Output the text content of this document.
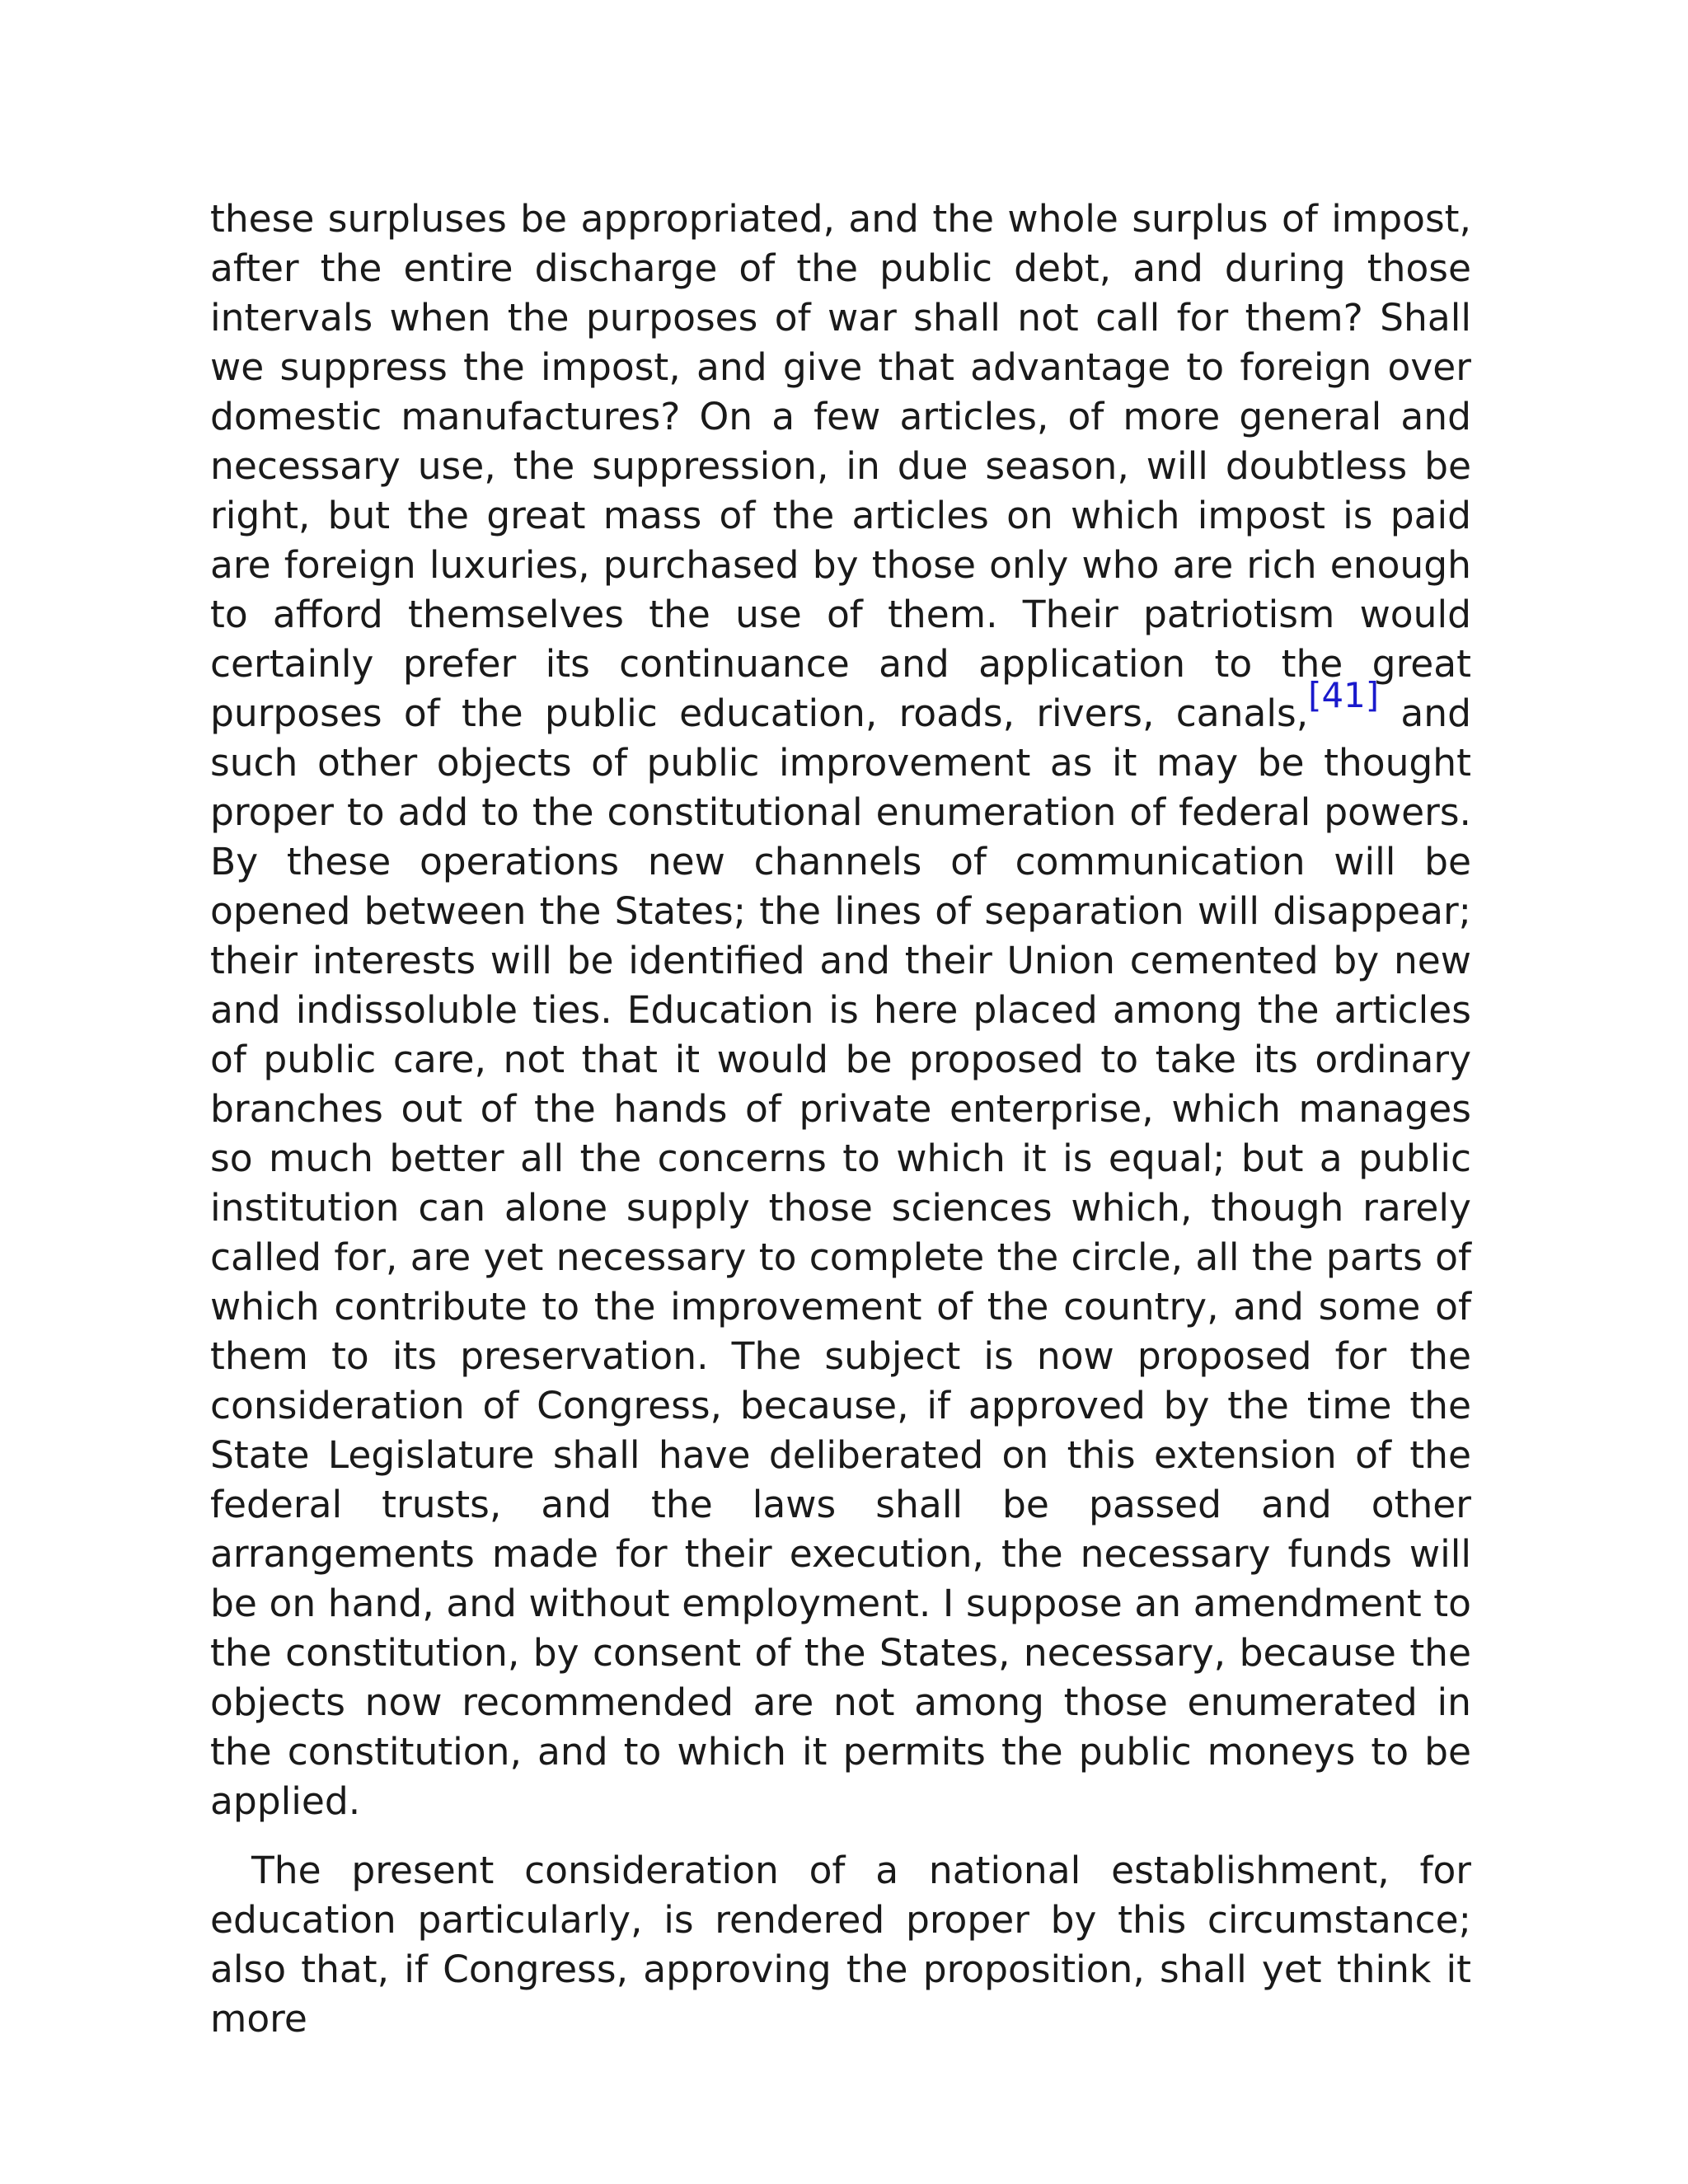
these surpluses be appropriated, and the whole surplus of impost, after the entire discharge of the public debt, and during those intervals when the purposes of war shall not call for them? Shall we suppress the impost, and give that advantage to foreign over domestic manufactures? On a few articles, of more general and necessary use, the suppression, in due season, will doubtless be right, but the great mass of the articles on which impost is paid are foreign luxuries, purchased by those only who are rich enough to afford themselves the use of them. Their patriotism would certainly prefer its continuance and application to the great purposes of the public education, roads, rivers, canals,[41] and such other objects of public improvement as it may be thought proper to add to the constitutional enumeration of federal powers. By these operations new channels of communication will be opened between the States; the lines of separation will disappear; their interests will be identified and their Union cemented by new and indissoluble ties. Education is here placed among the articles of public care, not that it would be proposed to take its ordinary branches out of the hands of private enterprise, which manages so much better all the concerns to which it is equal; but a public institution can alone supply those sciences which, though rarely called for, are yet necessary to complete the circle, all the parts of which contribute to the improvement of the country, and some of them to its preservation. The subject is now proposed for the consideration of Congress, because, if approved by the time the State Legislature shall have deliberated on this extension of the federal trusts, and the laws shall be passed and other arrangements made for their execution, the necessary funds will be on hand, and without employment. I suppose an amendment to the constitution, by consent of the States, necessary, because the objects now recommended are not among those enumerated in the constitution, and to which it permits the public moneys to be applied.

The present consideration of a national establishment, for education particularly, is rendered proper by this circumstance; also that, if Congress, approving the proposition, shall yet think it more
